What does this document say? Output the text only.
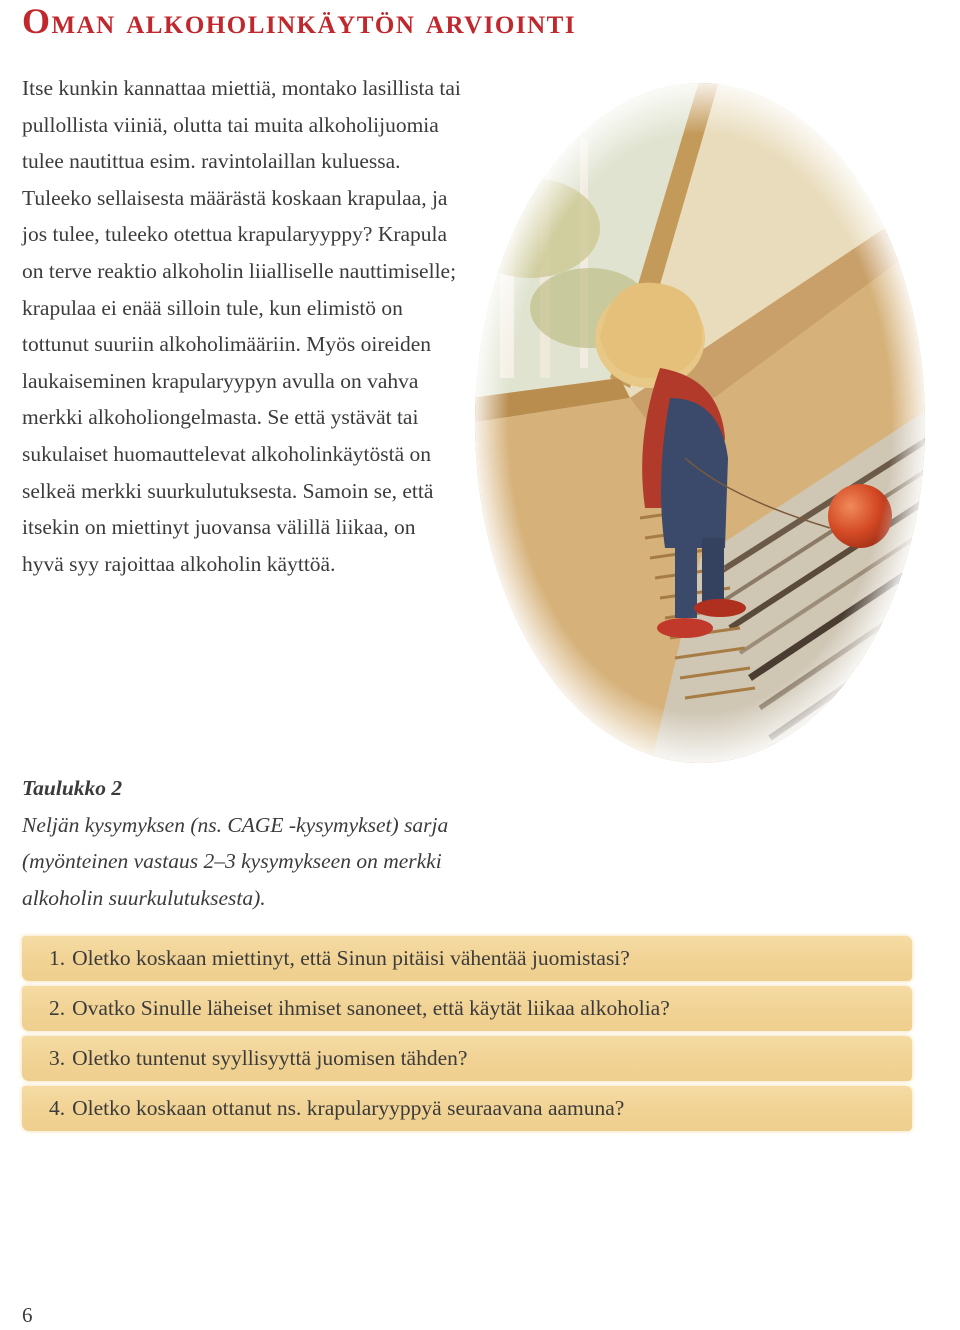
Oman alkoholinkäytön arviointi

Itse kunkin kannattaa miettiä, montako lasillista tai pullollista viiniä, olutta tai muita alkoholijuomia tulee nautittua esim. ravintolaillan kuluessa. Tuleeko sellaisesta määrästä koskaan krapulaa, ja jos tulee, tuleeko otettua krapularyyppy? Krapula on terve reaktio alkoholin liialliselle nauttimiselle; krapulaa ei enää silloin tule, kun elimistö on tottunut suuriin alkoholimääriin. Myös oireiden laukaiseminen krapularyypyn avulla on vahva merkki alkoholiongelmasta. Se että ystävät tai sukulaiset huomauttelevat alkoholinkäytöstä on selkeä merkki suurkulutuksesta. Samoin se, että itsekin on miettinyt juovansa välillä liikaa, on hyvä syy rajoittaa alkoholin käyttöä.

Taulukko 2
Neljän kysymyksen (ns. CAGE -kysymykset) sarja (myönteinen vastaus 2–3 kysymykseen on merkki alkoholin suurkulutuksesta).
1. Oletko koskaan miettinyt, että Sinun pitäisi vähentää juomistasi?
2. Ovatko Sinulle läheiset ihmiset sanoneet, että käytät liikaa alkoholia?
3. Oletko tuntenut syyllisyyttä juomisen tähden?
4. Oletko koskaan ottanut ns. krapularyyppyä seuraavana aamuna?
6
